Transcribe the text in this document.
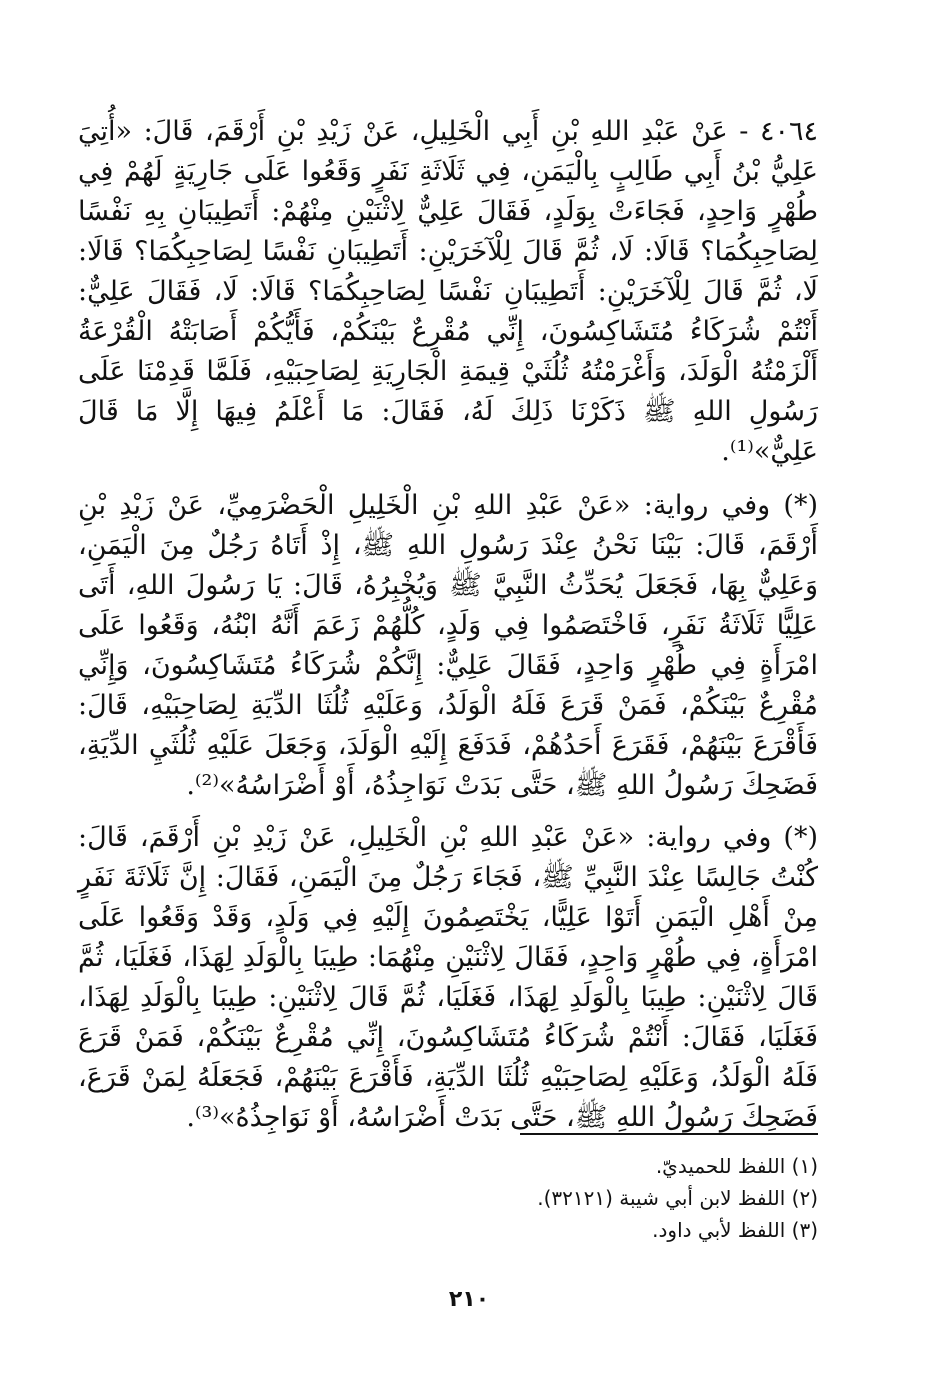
٤٠٦٤ - عَنْ عَبْدِ اللهِ بْنِ أَبِي الْخَلِيلِ، عَنْ زَيْدِ بْنِ أَرْقَمَ، قَالَ: «أُتِيَ عَلِيُّ بْنُ أَبِي طَالِبٍ بِالْيَمَنِ، فِي ثَلَاثَةِ نَفَرٍ وَقَعُوا عَلَى جَارِيَةٍ لَهُمْ فِي طُهْرٍ وَاحِدٍ، فَجَاءَتْ بِوَلَدٍ، فَقَالَ عَلِيٌّ لِاثْنَيْنِ مِنْهُمْ: أَتَطِيبَانِ بِهِ نَفْسًا لِصَاحِبِكُمَا؟ قَالَا: لَا، ثُمَّ قَالَ لِلْآخَرَيْنِ: أَتَطِيبَانِ نَفْسًا لِصَاحِبِكُمَا؟ قَالَا: لَا، ثُمَّ قَالَ لِلْآخَرَيْنِ: أَتَطِيبَانِ نَفْسًا لِصَاحِبِكُمَا؟ قَالَا: لَا، فَقَالَ عَلِيٌّ: أَنْتُمْ شُرَكَاءُ مُتَشَاكِسُونَ، إِنِّي مُقْرِعٌ بَيْنَكُمْ، فَأَيُّكُمْ أَصَابَتْهُ الْقُرْعَةُ أَلْزَمْتُهُ الْوَلَدَ، وَأَغْرَمْتُهُ ثُلُثَيْ قِيمَةِ الْجَارِيَةِ لِصَاحِبَيْهِ، فَلَمَّا قَدِمْنَا عَلَى رَسُولِ اللهِ ﷺ ذَكَرْنَا ذَلِكَ لَهُ، فَقَالَ: مَا أَعْلَمُ فِيهَا إِلَّا مَا قَالَ عَلِيٌّ»⁽¹⁾.

(*) وفي رواية: «عَنْ عَبْدِ اللهِ بْنِ الْخَلِيلِ الْحَضْرَمِيِّ، عَنْ زَيْدِ بْنِ أَرْقَمَ، قَالَ: بَيْنَا نَحْنُ عِنْدَ رَسُولِ اللهِ ﷺ، إِذْ أَتَاهُ رَجُلٌ مِنَ الْيَمَنِ، وَعَلِيٌّ بِهَا، فَجَعَلَ يُحَدِّثُ النَّبِيَّ ﷺ وَيُخْبِرُهُ، قَالَ: يَا رَسُولَ اللهِ، أَتَى عَلِيًّا ثَلَاثَةُ نَفَرٍ، فَاخْتَصَمُوا فِي وَلَدٍ، كُلُّهُمْ زَعَمَ أَنَّهُ ابْنُهُ، وَقَعُوا عَلَى امْرَأَةٍ فِي طُهْرٍ وَاحِدٍ، فَقَالَ عَلِيٌّ: إِنَّكُمْ شُرَكَاءُ مُتَشَاكِسُونَ، وَإِنِّي مُقْرِعٌ بَيْنَكُمْ، فَمَنْ قَرَعَ فَلَهُ الْوَلَدُ، وَعَلَيْهِ ثُلُثَا الدِّيَةِ لِصَاحِبَيْهِ، قَالَ: فَأَقْرَعَ بَيْنَهُمْ، فَقَرَعَ أَحَدُهُمْ، فَدَفَعَ إِلَيْهِ الْوَلَدَ، وَجَعَلَ عَلَيْهِ ثُلُثَيِ الدِّيَةِ، فَضَحِكَ رَسُولُ اللهِ ﷺ، حَتَّى بَدَتْ نَوَاجِذُهُ، أَوْ أَضْرَاسُهُ»⁽²⁾.

(*) وفي رواية: «عَنْ عَبْدِ اللهِ بْنِ الْخَلِيلِ، عَنْ زَيْدِ بْنِ أَرْقَمَ، قَالَ: كُنْتُ جَالِسًا عِنْدَ النَّبِيِّ ﷺ، فَجَاءَ رَجُلٌ مِنَ الْيَمَنِ، فَقَالَ: إِنَّ ثَلَاثَةَ نَفَرٍ مِنْ أَهْلِ الْيَمَنِ أَتَوْا عَلِيًّا، يَخْتَصِمُونَ إِلَيْهِ فِي وَلَدٍ، وَقَدْ وَقَعُوا عَلَى امْرَأَةٍ، فِي طُهْرٍ وَاحِدٍ، فَقَالَ لِاثْنَيْنِ مِنْهُمَا: طِيبَا بِالْوَلَدِ لِهَذَا، فَغَلَيَا، ثُمَّ قَالَ لِاثْنَيْنِ: طِيبَا بِالْوَلَدِ لِهَذَا، فَغَلَيَا، ثُمَّ قَالَ لِاثْنَيْنِ: طِيبَا بِالْوَلَدِ لِهَذَا، فَغَلَيَا، فَقَالَ: أَنْتُمْ شُرَكَاءُ مُتَشَاكِسُونَ، إِنِّي مُقْرِعٌ بَيْنَكُمْ، فَمَنْ قَرَعَ فَلَهُ الْوَلَدُ، وَعَلَيْهِ لِصَاحِبَيْهِ ثُلُثَا الدِّيَةِ، فَأَقْرَعَ بَيْنَهُمْ، فَجَعَلَهُ لِمَنْ قَرَعَ، فَضَحِكَ رَسُولُ اللهِ ﷺ، حَتَّى بَدَتْ أَضْرَاسُهُ، أَوْ نَوَاجِذُهُ»⁽³⁾.

(١) اللفظ للحميديّ.
(٢) اللفظ لابن أبي شيبة (٣٢١٢١).
(٣) اللفظ لأبي داود.
٢١٠
